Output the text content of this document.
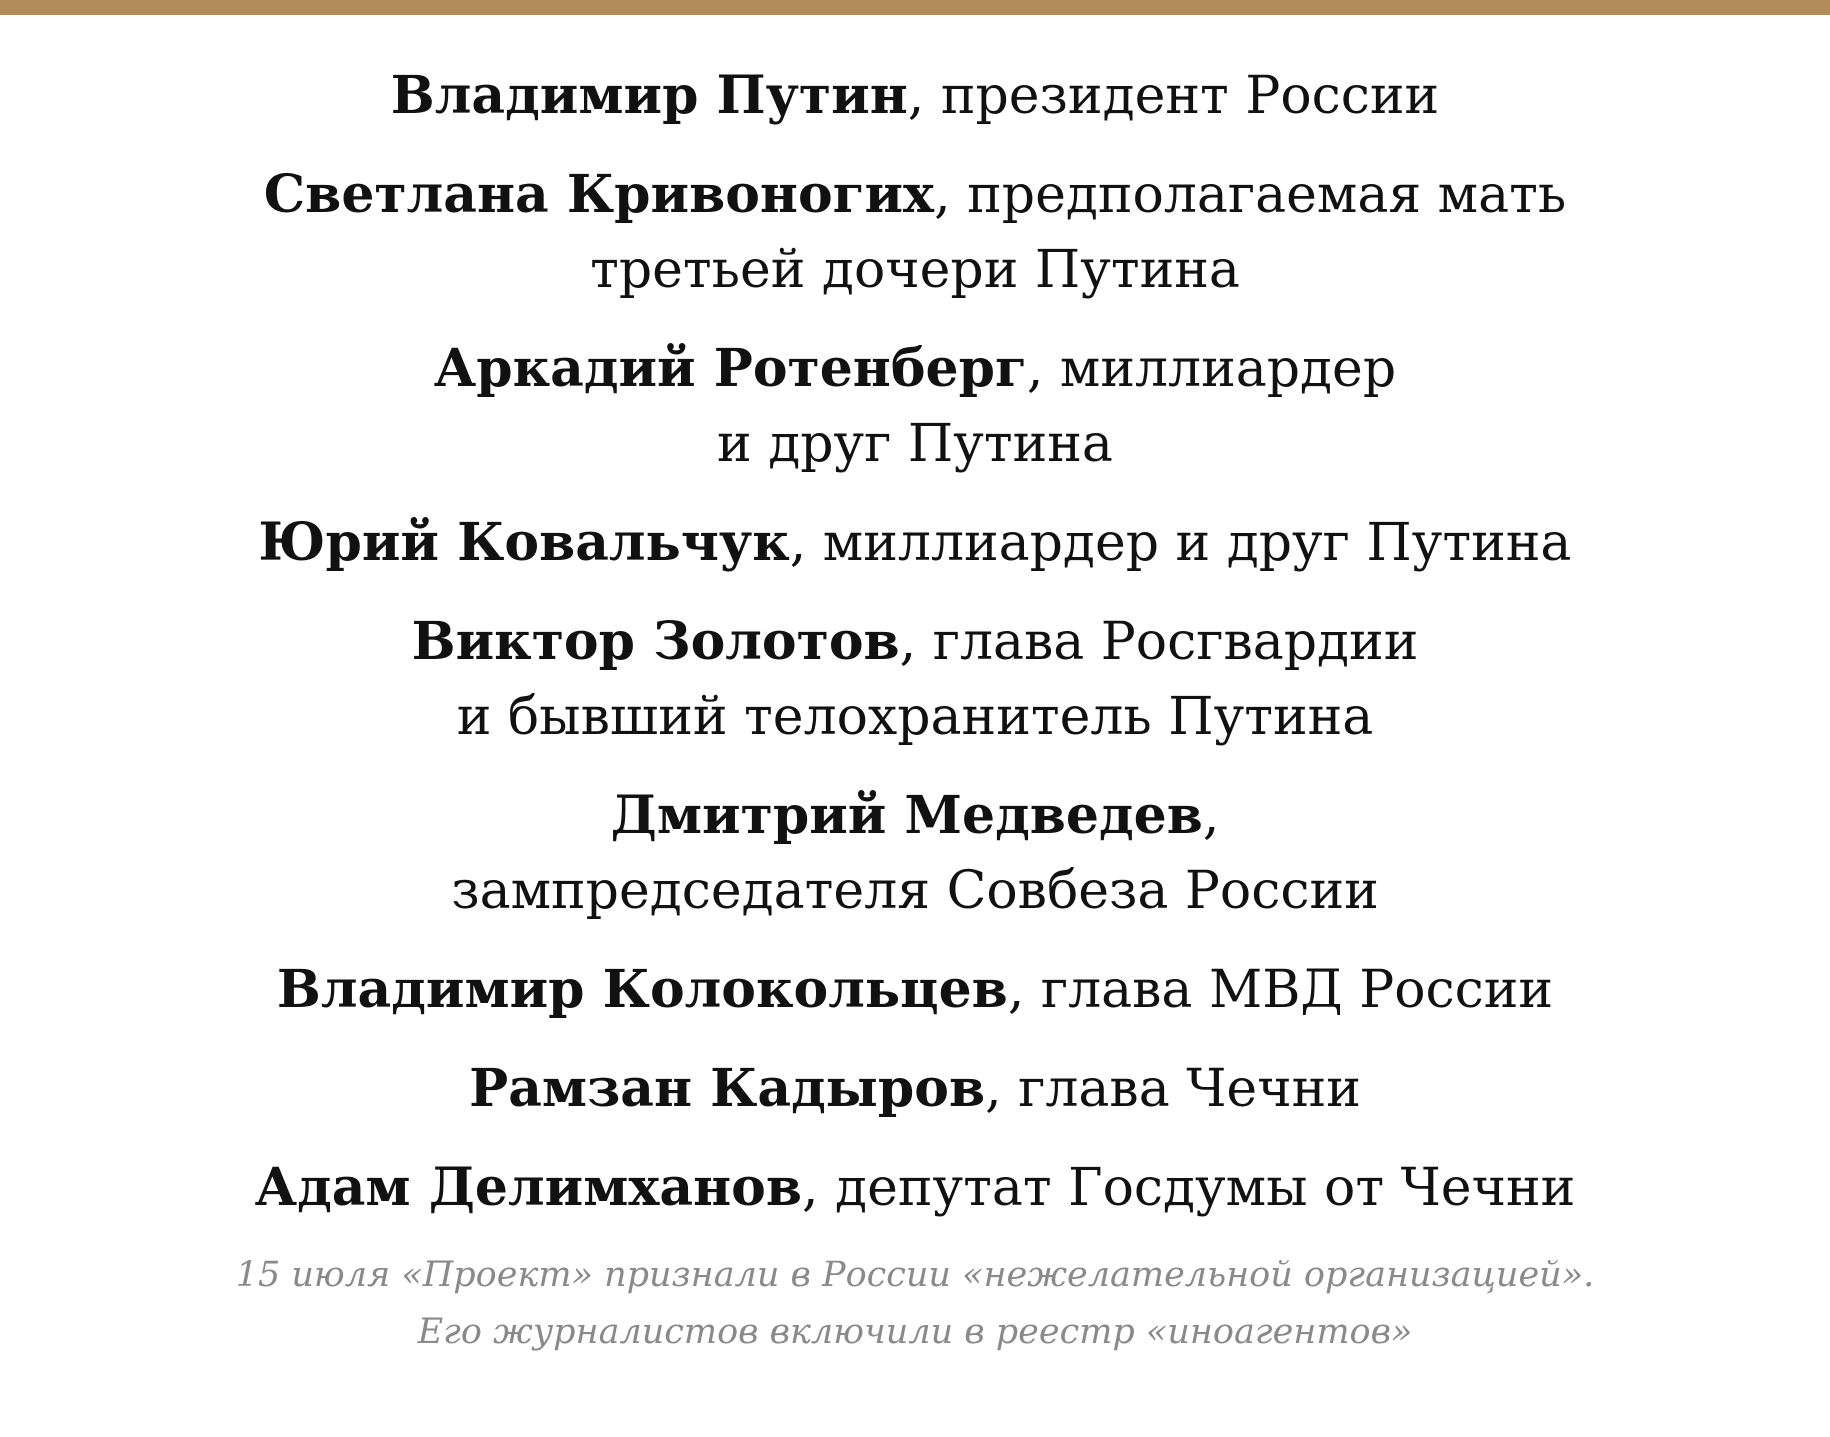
Владимир Путин, президент России
Светлана Кривоногих, предполагаемая мать
третьей дочери Путина
Аркадий Ротенберг, миллиардер
и друг Путина
Юрий Ковальчук, миллиардер и друг Путина
Виктор Золотов, глава Росгвардии
и бывший телохранитель Путина
Дмитрий Медведев,
зампредседателя Совбеза России
Владимир Колокольцев, глава МВД России
Рамзан Кадыров, глава Чечни
Адам Делимханов, депутат Госдумы от Чечни
15 июля «Проект» признали в России «нежелательной организацией».
Его журналистов включили в реестр «иноагентов»
